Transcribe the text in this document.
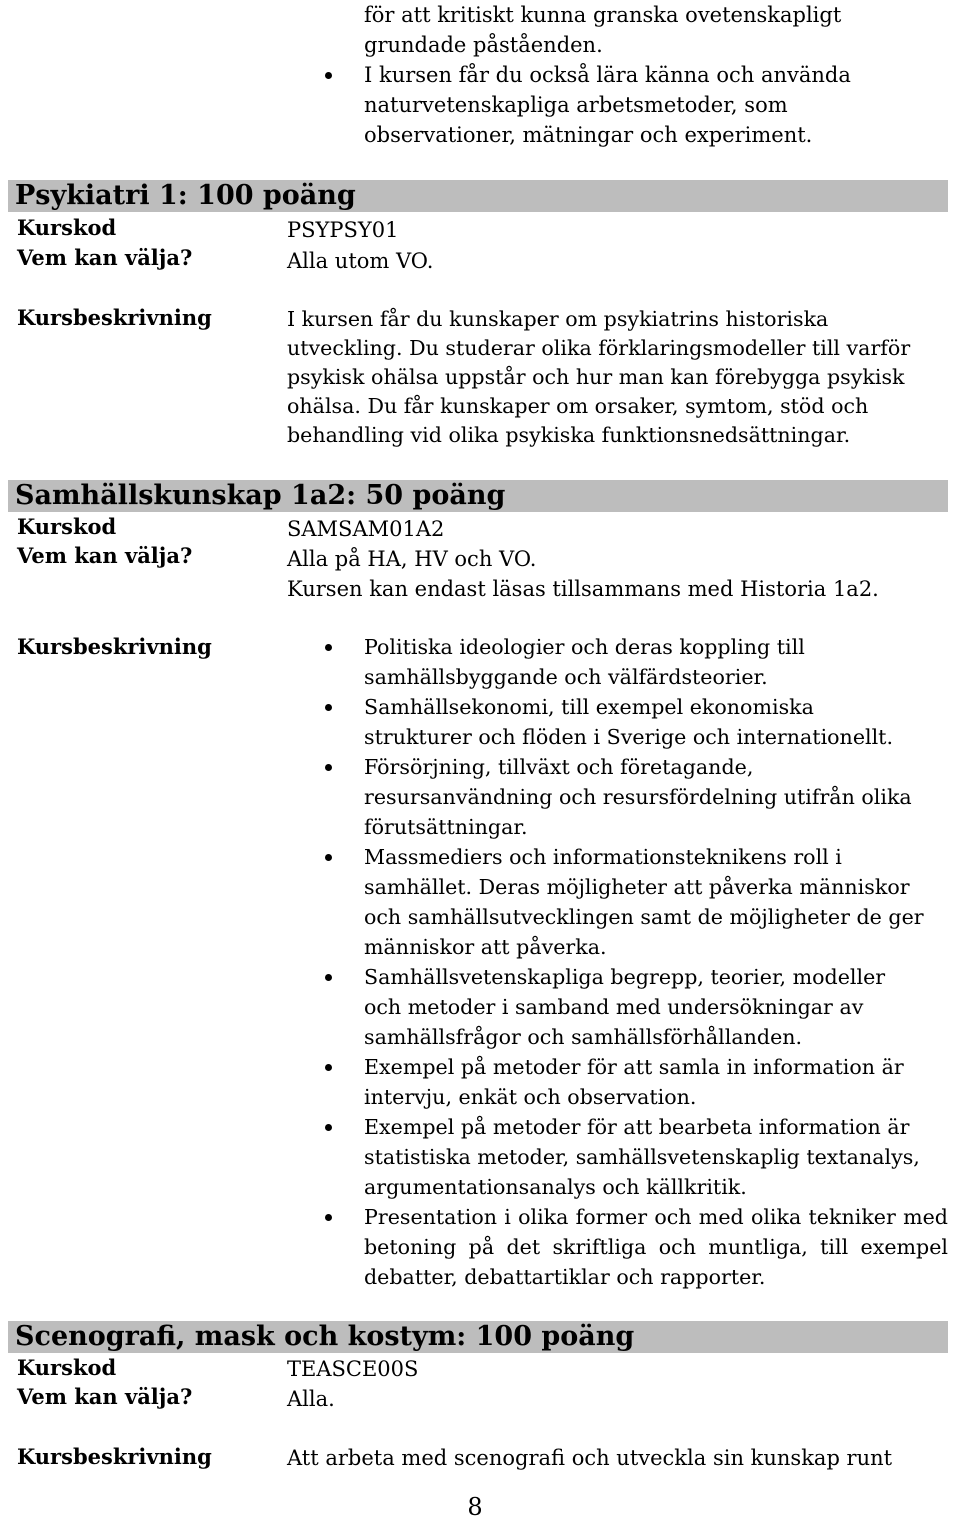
för att kritiskt kunna granska ovetenskapligt grundade påståenden.

I kursen får du också lära känna och använda naturvetenskapliga arbetsmetoder, som observationer, mätningar och experiment.

Psykiatri 1: 100 poäng
Kurskod	PSYPSY01
Vem kan välja?	Alla utom VO.
Kursbeskrivning	I kursen får du kunskaper om psykiatrins historiska utveckling. Du studerar olika förklaringsmodeller till varför psykisk ohälsa uppstår och hur man kan förebygga psykisk ohälsa. Du får kunskaper om orsaker, symtom, stöd och behandling vid olika psykiska funktionsnedsättningar.
Samhällskunskap 1a2: 50 poäng
Kurskod	SAMSAM01A2
Vem kan välja?	Alla på HA, HV och VO.
Kursen kan endast läsas tillsammans med Historia 1a2.
Kursbeskrivning	Politiska ideologier och deras koppling till samhällsbyggande och välfärdsteorier.

Samhällsekonomi, till exempel ekonomiska strukturer och flöden i Sverige och internationellt.

Försörjning, tillväxt och företagande, resursanvändning och resursfördelning utifrån olika förutsättningar.

Massmediers och informationsteknikens roll i samhället. Deras möjligheter att påverka människor och samhällsutvecklingen samt de möjligheter de ger människor att påverka.

Samhällsvetenskapliga begrepp, teorier, modeller och metoder i samband med undersökningar av samhällsfrågor och samhällsförhållanden.

Exempel på metoder för att samla in information är intervju, enkät och observation.

Exempel på metoder för att bearbeta information är statistiska metoder, samhällsvetenskaplig textanalys, argumentationsanalys och källkritik.

Presentation i olika former och med olika tekniker med betoning på det skriftliga och muntliga, till exempel debatter, debattartiklar och rapporter.

Scenografi, mask och kostym: 100 poäng
Kurskod	TEASCE00S
Vem kan välja?	Alla.
Kursbeskrivning	Att arbeta med scenografi och utveckla sin kunskap runt
8
